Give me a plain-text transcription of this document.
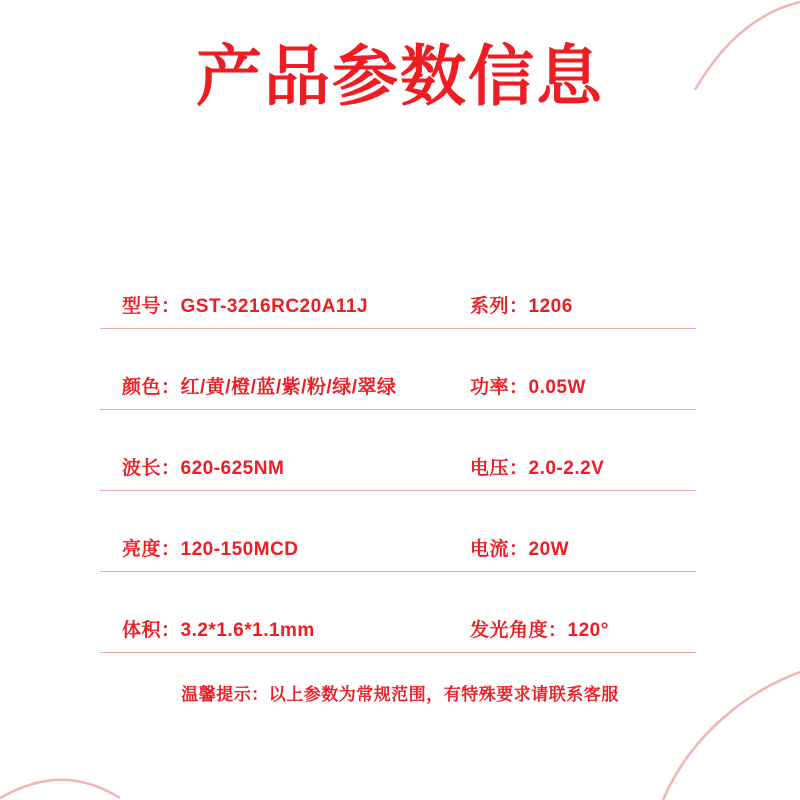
产品参数信息
型号：GST-3216RC20A11J	系列：1206
颜色：红/黄/橙/蓝/紫/粉/绿/翠绿	功率：0.05W
波长：620-625NM	电压：2.0-2.2V
亮度：120-150MCD	电流：20W
体积：3.2*1.6*1.1mm	发光角度：120°
温馨提示：以上参数为常规范围，有特殊要求请联系客服
